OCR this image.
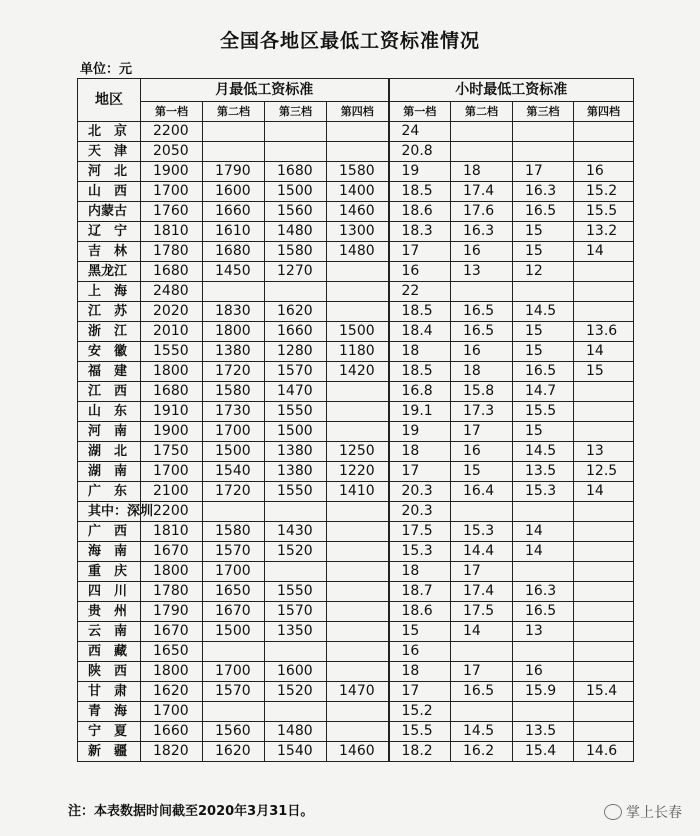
全国各地区最低工资标准情况
单位：元
地区	月最低工资标准				小时最低工资标准			
	第一档	第二档	第三档	第四档	第一档	第二档	第三档	第四档
北　京	2200				24			
天　津	2050				20.8			
河　北	1900	1790	1680	1580	19	18	17	16
山　西	1700	1600	1500	1400	18.5	17.4	16.3	15.2
内蒙古	1760	1660	1560	1460	18.6	17.6	16.5	15.5
辽　宁	1810	1610	1480	1300	18.3	16.3	15	13.2
吉　林	1780	1680	1580	1480	17	16	15	14
黑龙江	1680	1450	1270		16	13	12	
上　海	2480				22			
江　苏	2020	1830	1620		18.5	16.5	14.5	
浙　江	2010	1800	1660	1500	18.4	16.5	15	13.6
安　徽	1550	1380	1280	1180	18	16	15	14
福　建	1800	1720	1570	1420	18.5	18	16.5	15
江　西	1680	1580	1470		16.8	15.8	14.7	
山　东	1910	1730	1550		19.1	17.3	15.5	
河　南	1900	1700	1500		19	17	15	
湖　北	1750	1500	1380	1250	18	16	14.5	13
湖　南	1700	1540	1380	1220	17	15	13.5	12.5
广　东	2100	1720	1550	1410	20.3	16.4	15.3	14
其中：深圳	2200				20.3			
广　西	1810	1580	1430		17.5	15.3	14	
海　南	1670	1570	1520		15.3	14.4	14	
重　庆	1800	1700			18	17		
四　川	1780	1650	1550		18.7	17.4	16.3	
贵　州	1790	1670	1570		18.6	17.5	16.5	
云　南	1670	1500	1350		15	14	13	
西　藏	1650				16			
陕　西	1800	1700	1600		18	17	16	
甘　肃	1620	1570	1520	1470	17	16.5	15.9	15.4
青　海	1700				15.2			
宁　夏	1660	1560	1480		15.5	14.5	13.5	
新　疆	1820	1620	1540	1460	18.2	16.2	15.4	14.6
注：本表数据时间截至2020年3月31日。	掌上长春
